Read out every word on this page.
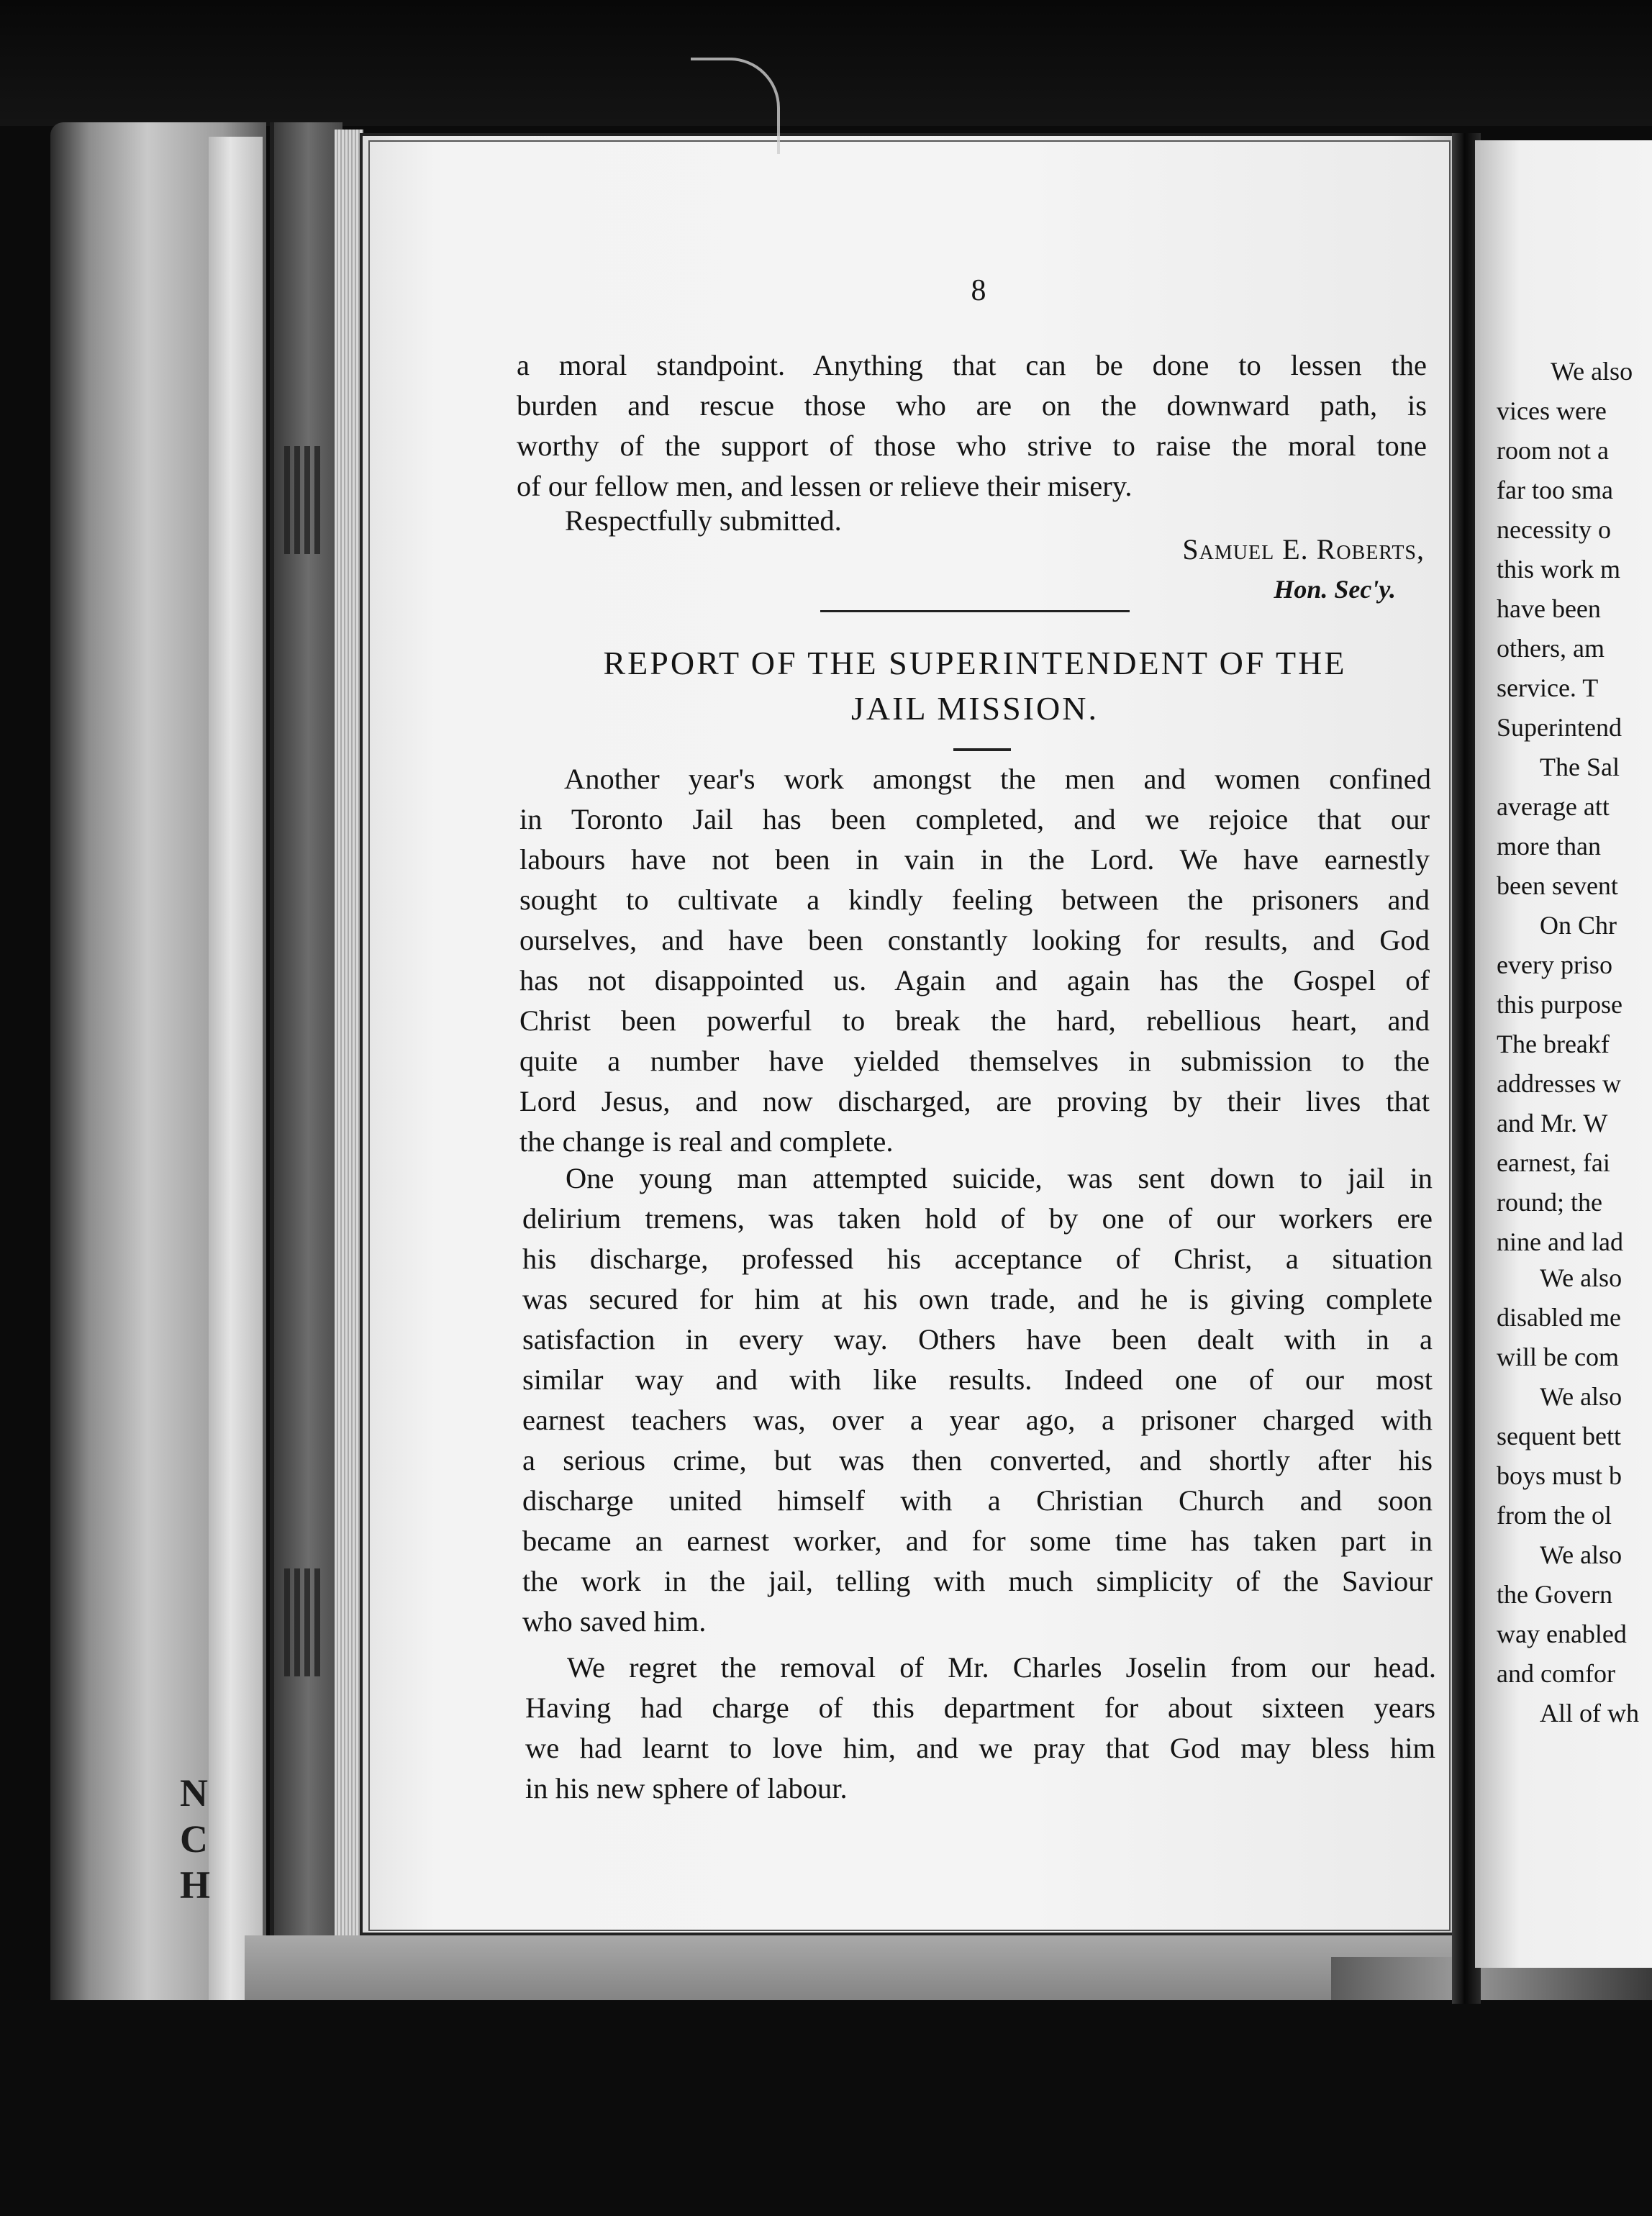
N
C
H
8
a moral standpoint. Anything that can be done to lessen the
burden and rescue those who are on the downward path, is
worthy of the support of those who strive to raise the moral tone
of our fellow men, and lessen or relieve their misery.
Respectfully submitted.
Samuel E. Roberts,
Hon. Sec'y.
REPORT OF THE SUPERINTENDENT OF THE
JAIL MISSION.
Another year's work amongst the men and women confined
in Toronto Jail has been completed, and we rejoice that our
labours have not been in vain in the Lord. We have earnestly
sought to cultivate a kindly feeling between the prisoners and
ourselves, and have been constantly looking for results, and God
has not disappointed us. Again and again has the Gospel of
Christ been powerful to break the hard, rebellious heart, and
quite a number have yielded themselves in submission to the
Lord Jesus, and now discharged, are proving by their lives that
the change is real and complete.
One young man attempted suicide, was sent down to jail in
delirium tremens, was taken hold of by one of our workers ere
his discharge, professed his acceptance of Christ, a situation
was secured for him at his own trade, and he is giving complete
satisfaction in every way. Others have been dealt with in a
similar way and with like results. Indeed one of our most
earnest teachers was, over a year ago, a prisoner charged with
a serious crime, but was then converted, and shortly after his
discharge united himself with a Christian Church and soon
became an earnest worker, and for some time has taken part in
the work in the jail, telling with much simplicity of the Saviour
who saved him.
We regret the removal of Mr. Charles Joselin from our head.
Having had charge of this department for about sixteen years
we had learnt to love him, and we pray that God may bless him
in his new sphere of labour.
We also
vices were
room not a
far too sma
necessity o
this work m
have been
others, am
service. T
Superintend
The Sal
average att
more than
been sevent
On Chr
every priso
this purpose
The breakf
addresses w
and Mr. W
earnest, fai
round; the
nine and lad
We also
disabled me
will be com
We also
sequent bett
boys must b
from the ol
We also
the Govern
way enabled
and comfor
All of wh
